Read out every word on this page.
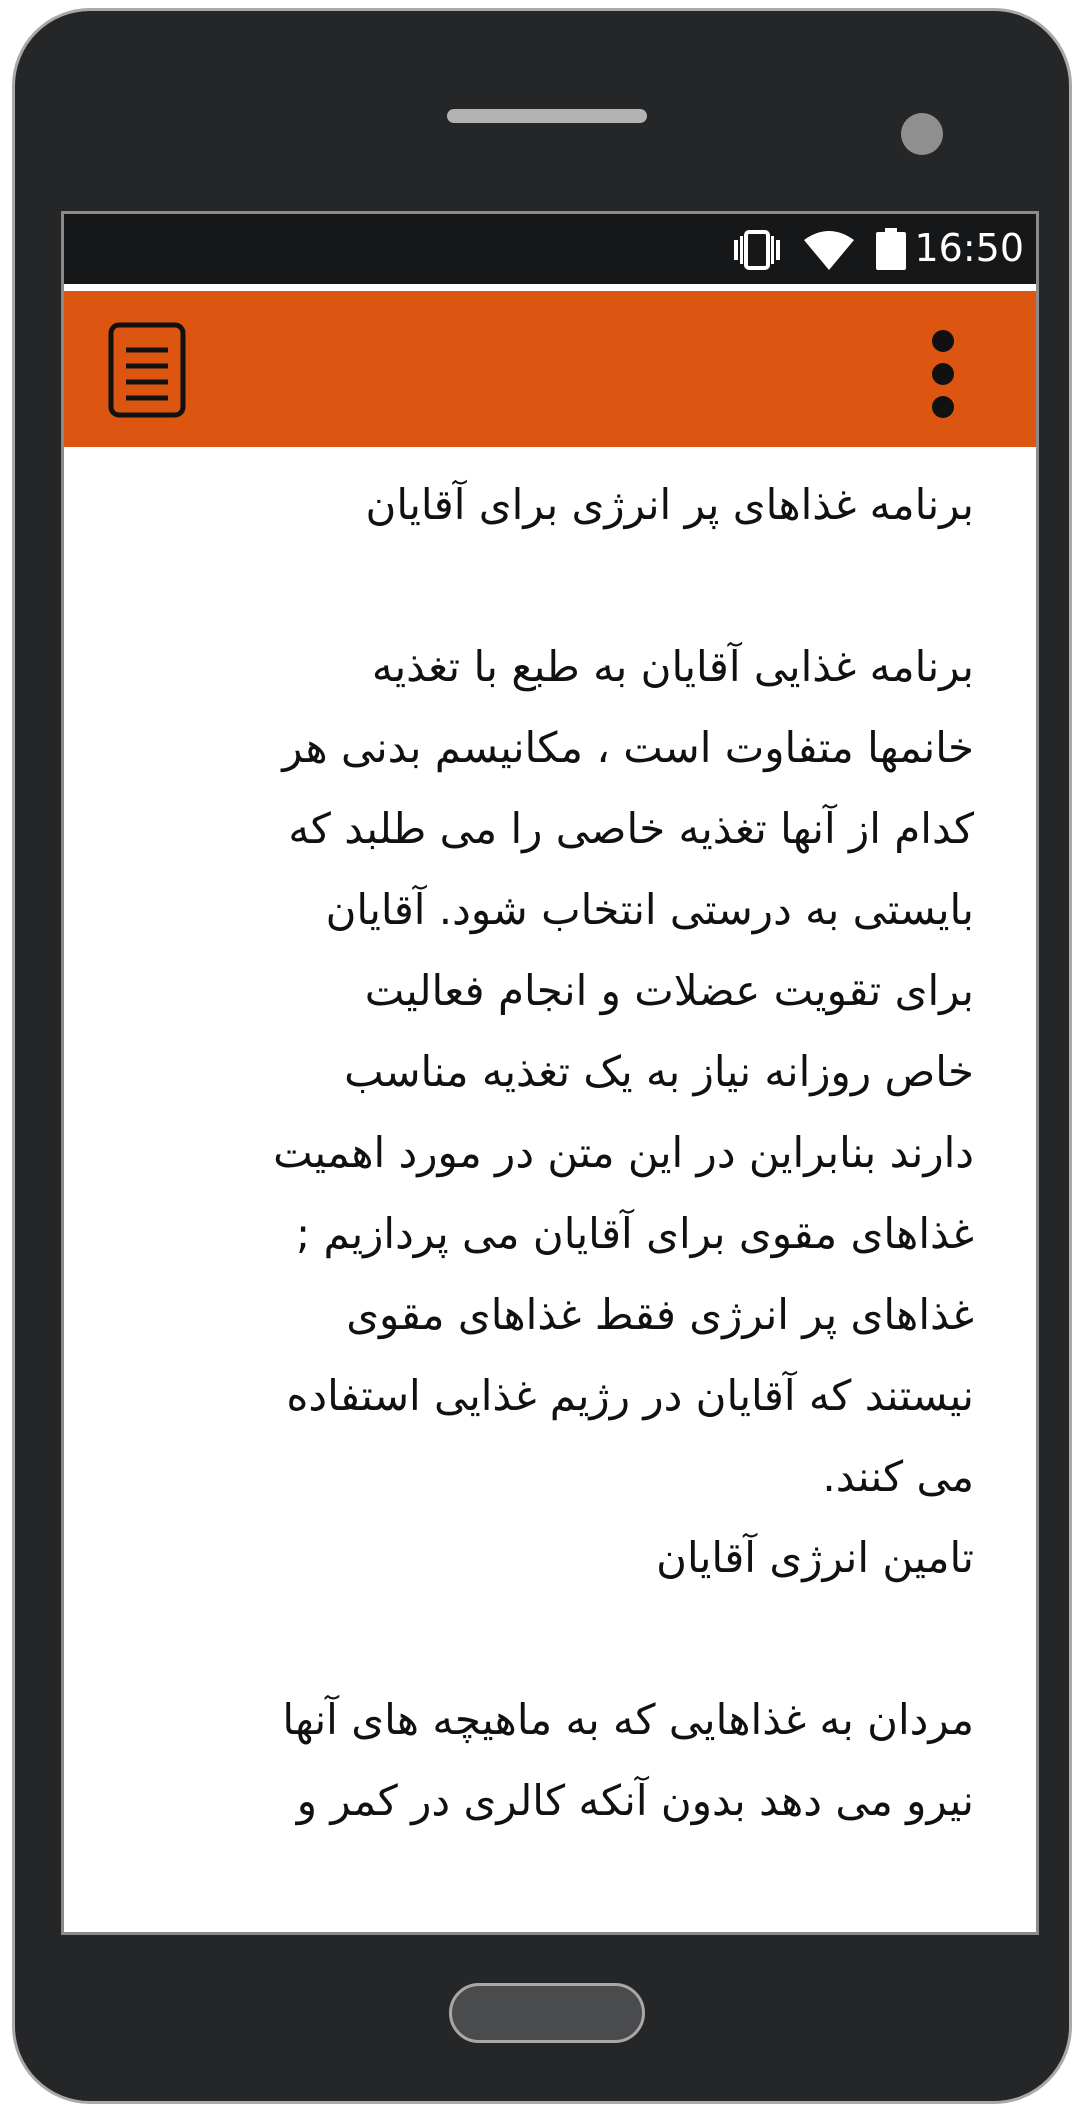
16:50
برنامه غذاهای پر انرژی برای آقایان

برنامه غذایی آقایان به طبع با تغذیه
خانمها متفاوت است ، مکانیسم بدنی هر
کدام از آنها تغذیه خاصی را می طلبد که
بایستی به درستی انتخاب شود. آقایان
برای تقویت عضلات و انجام فعالیت
خاص روزانه نیاز به یک تغذیه مناسب
دارند بنابراین در این متن در مورد اهمیت
غذاهای مقوی برای آقایان می پردازیم ;
غذاهای پر انرژی فقط غذاهای مقوی
نیستند که آقایان در رژیم غذایی استفاده
می کنند.
تامین انرژی آقایان

مردان به غذاهایی که به ماهیچه های آنها
نیرو می دهد بدون آنکه کالری در کمر و
